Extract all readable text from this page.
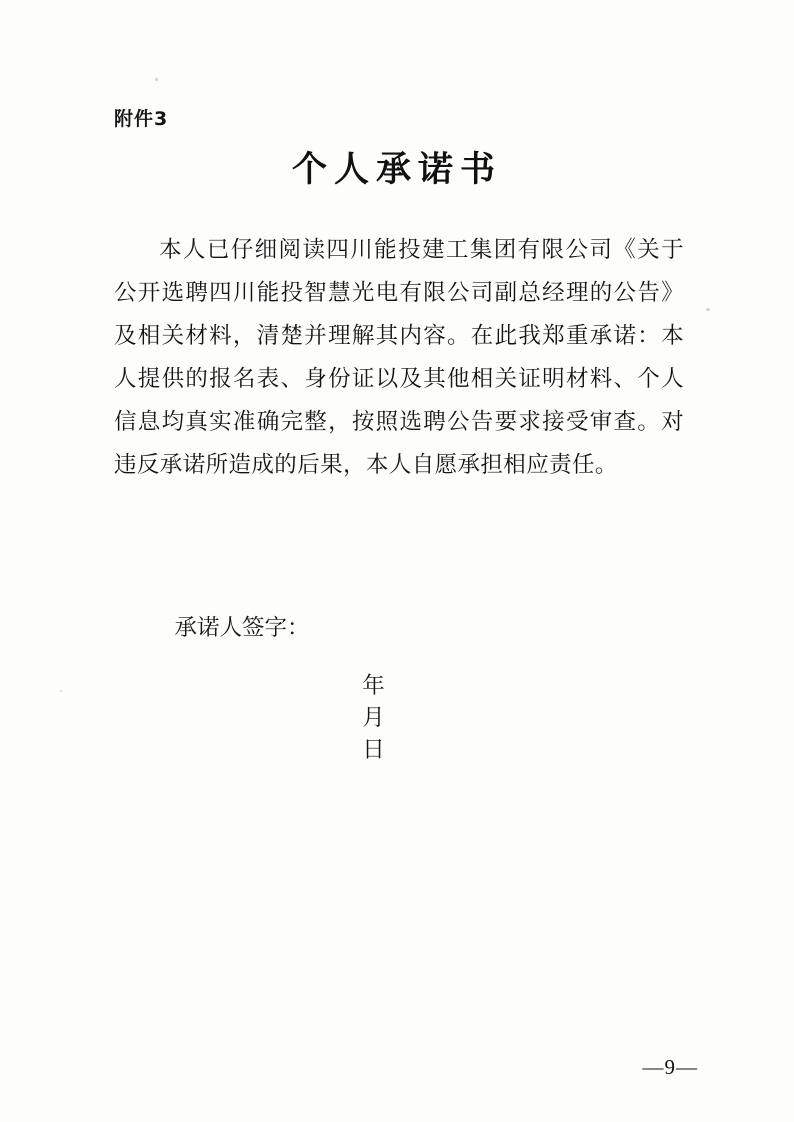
附件3
个人承诺书

本人已仔细阅读四川能投建工集团有限公司《关于公开选聘四川能投智慧光电有限公司副总经理的公告》及相关材料，清楚并理解其内容。在此我郑重承诺：本人提供的报名表、身份证以及其他相关证明材料、个人信息均真实准确完整，按照选聘公告要求接受审查。对违反承诺所造成的后果，本人自愿承担相应责任。

承诺人签字：

年
月
日

—9—
